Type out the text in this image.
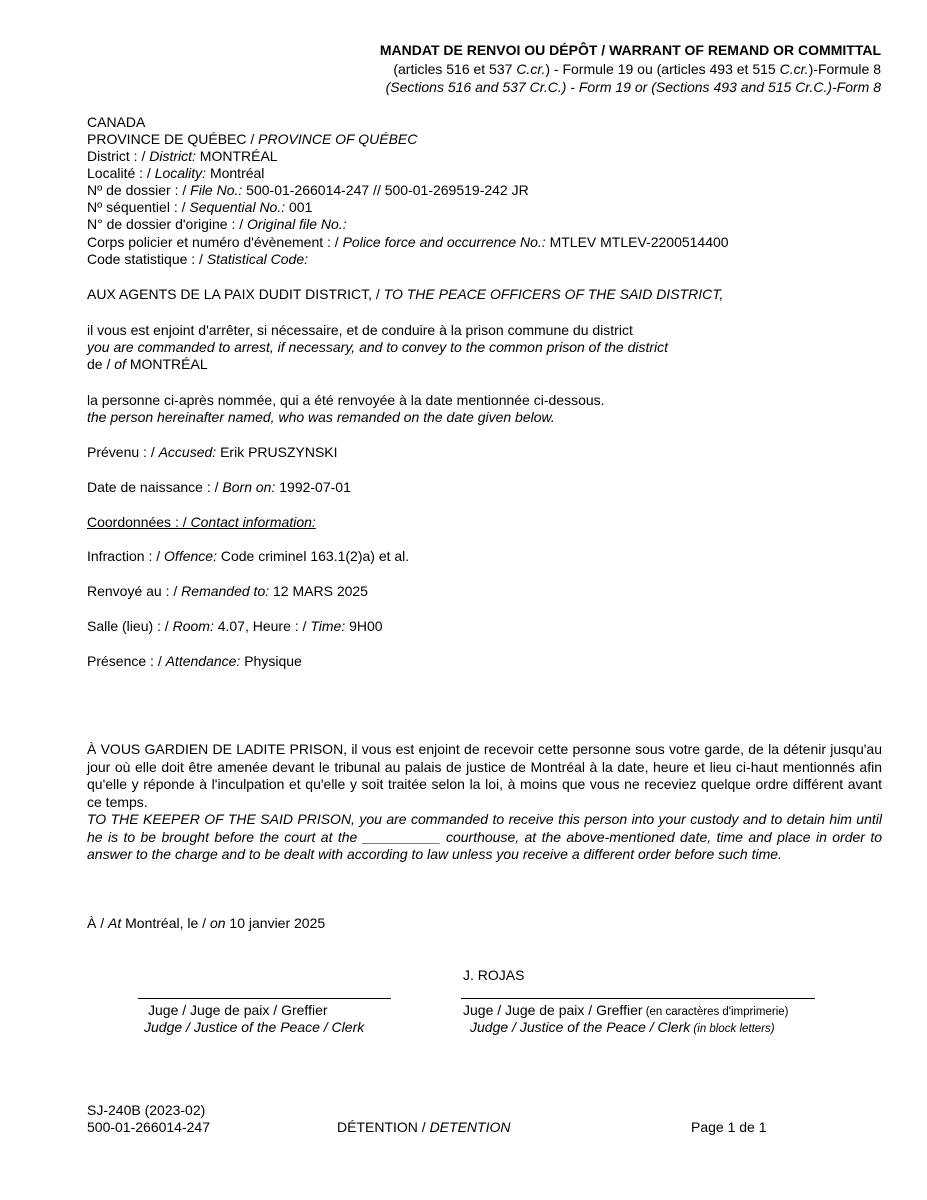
MANDAT DE RENVOI OU DÉPÔT / WARRANT OF REMAND OR COMMITTAL
(articles 516 et 537 C.cr.) - Formule 19 ou (articles 493 et 515 C.cr.)-Formule 8
(Sections 516 and 537 Cr.C.) - Form 19 or (Sections 493 and 515 Cr.C.)-Form 8
CANADA
PROVINCE DE QUÉBEC / PROVINCE OF QUÉBEC
District : / District: MONTRÉAL
Localité : / Locality: Montréal
Nº de dossier : / File No.: 500-01-266014-247 // 500-01-269519-242 JR
Nº séquentiel : / Sequential No.: 001
N° de dossier d'origine : / Original file No.:
Corps policier et numéro d'évènement : / Police force and occurrence No.: MTLEV MTLEV-2200514400
Code statistique : / Statistical Code:
AUX AGENTS DE LA PAIX DUDIT DISTRICT, / TO THE PEACE OFFICERS OF THE SAID DISTRICT,
il vous est enjoint d'arrêter, si nécessaire, et de conduire à la prison commune du district
you are commanded to arrest, if necessary, and to convey to the common prison of the district
de / of MONTRÉAL
la personne ci-après nommée, qui a été renvoyée à la date mentionnée ci-dessous.
the person hereinafter named, who was remanded on the date given below.
Prévenu : / Accused: Erik PRUSZYNSKI
Date de naissance : / Born on: 1992-07-01
Coordonnées : / Contact information:
Infraction : / Offence: Code criminel 163.1(2)a) et al.
Renvoyé au : / Remanded to: 12 MARS 2025
Salle (lieu) : / Room: 4.07, Heure : / Time: 9H00
Présence : / Attendance: Physique
À VOUS GARDIEN DE LADITE PRISON, il vous est enjoint de recevoir cette personne sous votre garde, de la détenir jusqu'au jour où elle doit être amenée devant le tribunal au palais de justice de Montréal à la date, heure et lieu ci-haut mentionnés afin qu'elle y réponde à l'inculpation et qu'elle y soit traitée selon la loi, à moins que vous ne receviez quelque ordre différent avant ce temps.
TO THE KEEPER OF THE SAID PRISON, you are commanded to receive this person into your custody and to detain him until he is to be brought before the court at the __________ courthouse, at the above-mentioned date, time and place in order to answer to the charge and to be dealt with according to law unless you receive a different order before such time.
À / At Montréal, le / on 10 janvier 2025
J. ROJAS
Juge / Juge de paix / Greffier
Judge / Justice of the Peace / Clerk
Juge / Juge de paix / Greffier (en caractères d'imprimerie)
Judge / Justice of the Peace / Clerk (in block letters)
SJ-240B (2023-02)
500-01-266014-247	DÉTENTION / DETENTION	Page 1 de 1
